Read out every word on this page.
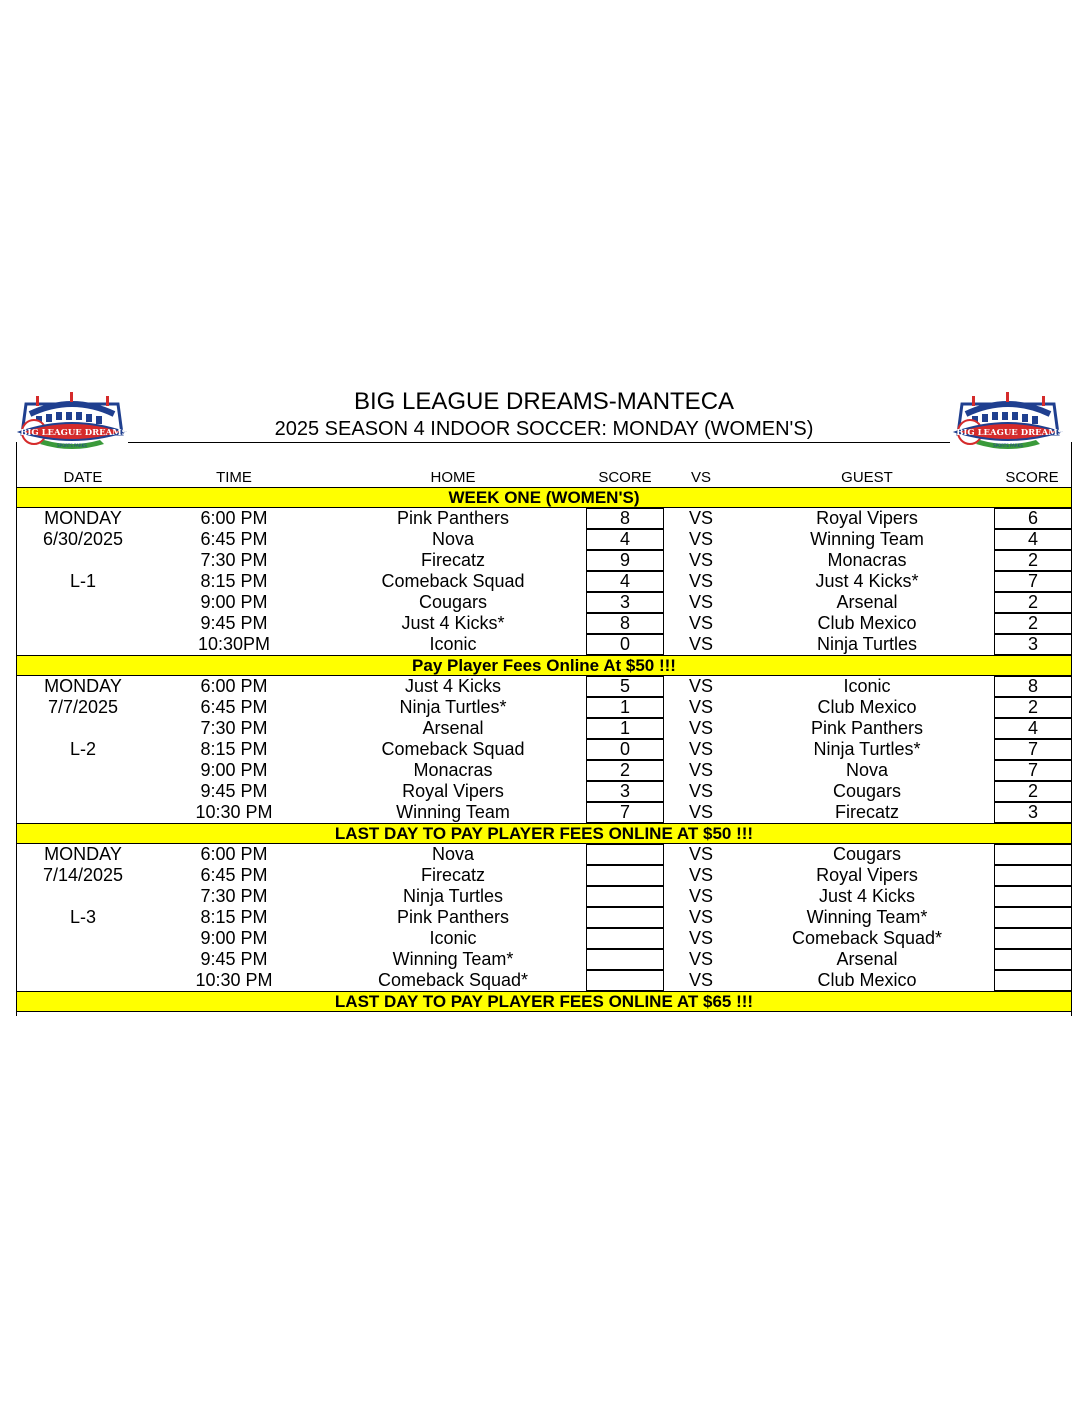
BIG LEAGUE DREAMS
SPORTS PARKS
BIG LEAGUE DREAMS
SPORTS PARKS
BIG LEAGUE DREAMS-MANTECA
2025 SEASON 4 INDOOR SOCCER: MONDAY (WOMEN'S)
DATE	TIME	HOME	SCORE	VS	GUEST	SCORE
WEEK ONE (WOMEN'S)
MONDAY	6:00 PM	Pink Panthers	8	VS	Royal Vipers	6
6/30/2025	6:45 PM	Nova	4	VS	Winning Team	4
7:30 PM	Firecatz	9	VS	Monacras	2
L-1	8:15 PM	Comeback Squad	4	VS	Just 4 Kicks*	7
9:00 PM	Cougars	3	VS	Arsenal	2
9:45 PM	Just 4 Kicks*	8	VS	Club Mexico	2
10:30PM	Iconic	0	VS	Ninja Turtles	3
Pay Player Fees Online At $50 !!!
MONDAY	6:00 PM	Just 4 Kicks	5	VS	Iconic	8
7/7/2025	6:45 PM	Ninja Turtles*	1	VS	Club Mexico	2
7:30 PM	Arsenal	1	VS	Pink Panthers	4
L-2	8:15 PM	Comeback Squad	0	VS	Ninja Turtles*	7
9:00 PM	Monacras	2	VS	Nova	7
9:45 PM	Royal Vipers	3	VS	Cougars	2
10:30 PM	Winning Team	7	VS	Firecatz	3
LAST DAY TO PAY PLAYER FEES ONLINE AT $50 !!!
MONDAY	6:00 PM	Nova	VS	Cougars
7/14/2025	6:45 PM	Firecatz	VS	Royal Vipers
7:30 PM	Ninja Turtles	VS	Just 4 Kicks
L-3	8:15 PM	Pink Panthers	VS	Winning Team*
9:00 PM	Iconic	VS	Comeback Squad*
9:45 PM	Winning Team*	VS	Arsenal
10:30 PM	Comeback Squad*	VS	Club Mexico
LAST DAY TO PAY PLAYER FEES ONLINE AT $65 !!!
